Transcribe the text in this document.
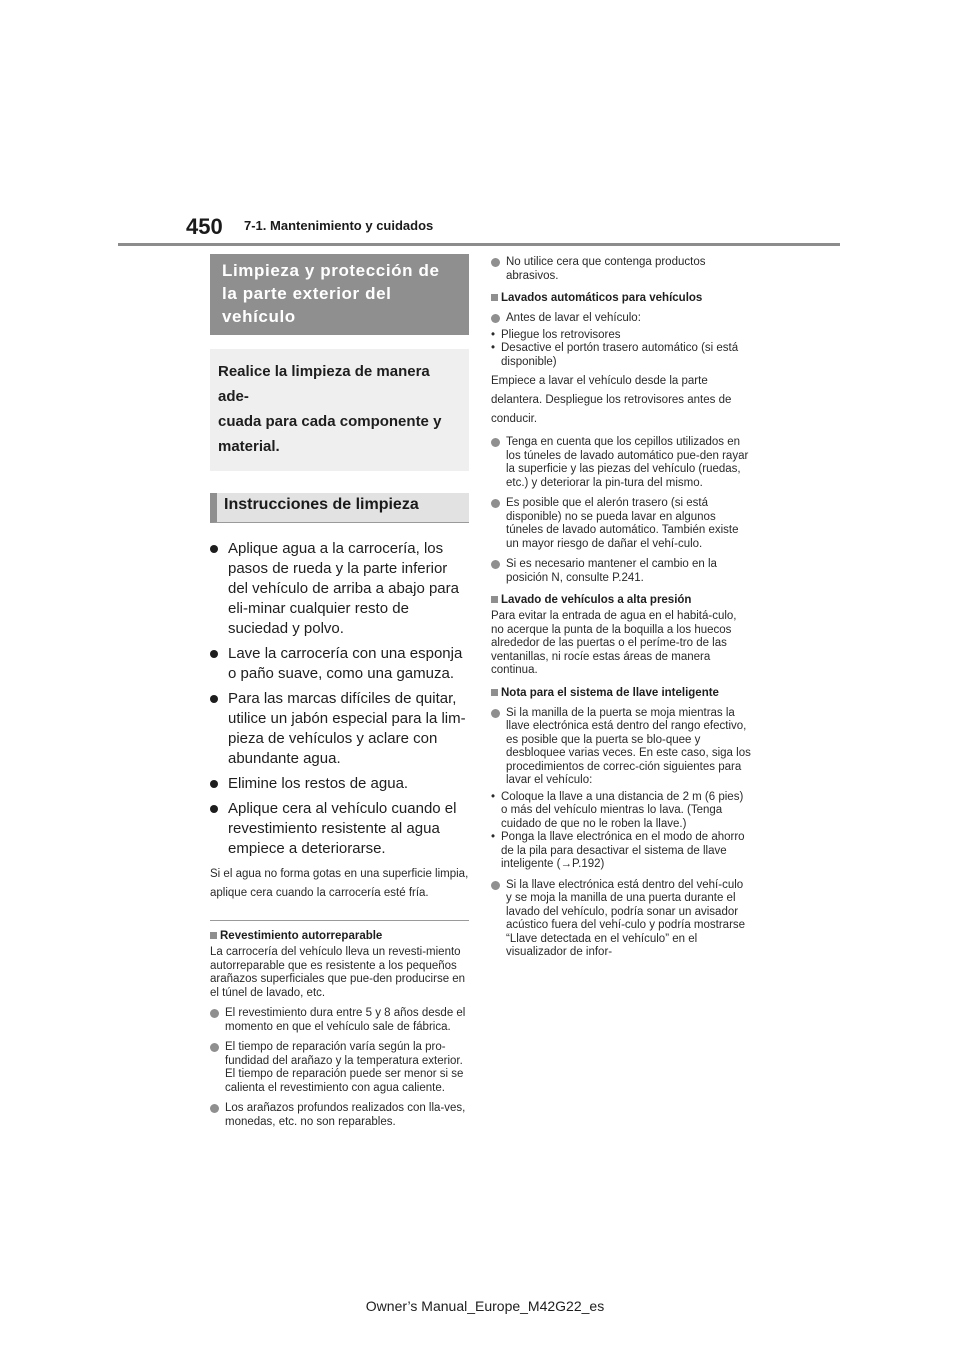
450 7-1. Mantenimiento y cuidados
Limpieza y protección de la parte exterior del vehículo
Realice la limpieza de manera ade-
cuada para cada componente y
material.
Instrucciones de limpieza
Aplique agua a la carrocería, los pasos de rueda y la parte inferior del vehículo de arriba a abajo para eli-minar cualquier resto de suciedad y polvo.
Lave la carrocería con una esponja o paño suave, como una gamuza.
Para las marcas difíciles de quitar, utilice un jabón especial para la lim-pieza de vehículos y aclare con abundante agua.
Elimine los restos de agua.
Aplique cera al vehículo cuando el revestimiento resistente al agua empiece a deteriorarse.
Si el agua no forma gotas en una superficie limpia, aplique cera cuando la carrocería esté fría.
Revestimiento autorreparable
La carrocería del vehículo lleva un revesti-miento autorreparable que es resistente a los pequeños arañazos superficiales que pue-den producirse en el túnel de lavado, etc.
El revestimiento dura entre 5 y 8 años desde el momento en que el vehículo sale de fábrica.
El tiempo de reparación varía según la pro-fundidad del arañazo y la temperatura exterior. El tiempo de reparación puede ser menor si se calienta el revestimiento con agua caliente.
Los arañazos profundos realizados con lla-ves, monedas, etc. no son reparables.
No utilice cera que contenga productos abrasivos.
Lavados automáticos para vehículos
Antes de lavar el vehículo:
• Pliegue los retrovisores
• Desactive el portón trasero automático (si está disponible)
Empiece a lavar el vehículo desde la parte delantera. Despliegue los retrovisores antes de conducir.
Tenga en cuenta que los cepillos utilizados en los túneles de lavado automático pue-den rayar la superficie y las piezas del vehículo (ruedas, etc.) y deteriorar la pin-tura del mismo.
Es posible que el alerón trasero (si está disponible) no se pueda lavar en algunos túneles de lavado automático. También existe un mayor riesgo de dañar el vehí-culo.
Si es necesario mantener el cambio en la posición N, consulte P.241.
Lavado de vehículos a alta presión
Para evitar la entrada de agua en el habitá-culo, no acerque la punta de la boquilla a los huecos alrededor de las puertas o el períme-tro de las ventanillas, ni rocíe estas áreas de manera continua.
Nota para el sistema de llave inteligente
Si la manilla de la puerta se moja mientras la llave electrónica está dentro del rango efectivo, es posible que la puerta se blo-quee y desbloquee varias veces. En este caso, siga los procedimientos de correc-ción siguientes para lavar el vehículo:
• Coloque la llave a una distancia de 2 m (6 pies) o más del vehículo mientras lo lava. (Tenga cuidado de que no le roben la llave.)
• Ponga la llave electrónica en el modo de ahorro de la pila para desactivar el sistema de llave inteligente (→P.192)
Si la llave electrónica está dentro del vehí-culo y se moja la manilla de una puerta durante el lavado del vehículo, podría sonar un avisador acústico fuera del vehí-culo y podría mostrarse “Llave detectada en el vehículo” en el visualizador de infor-
Owner’s Manual_Europe_M42G22_es
